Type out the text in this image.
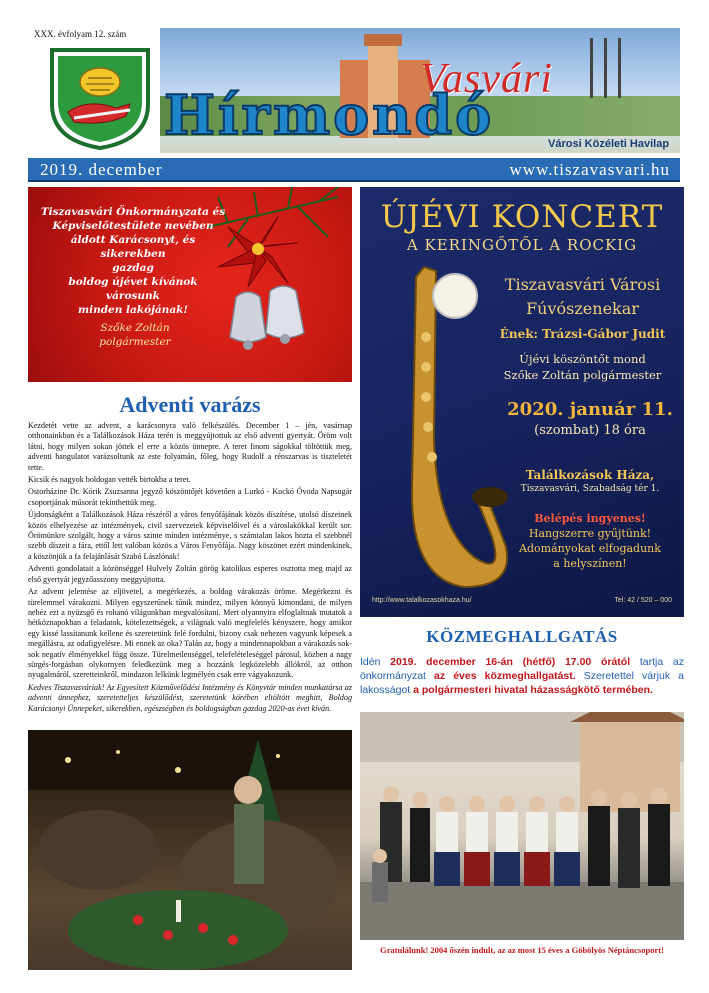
XXX. évfolyam 12. szám
Vasvári
Hírmondó	Városi Közéleti Havilap
2019. december	www.tiszavasvari.hu
Tiszavasvári Önkormányzata és
Képviselőtestülete nevében
áldott Karácsonyt, és
sikerekben
gazdag
boldog újévet kívánok
városunk
minden lakójának!
Szőke Zoltán
polgármester
Adventi varázs

Kezdetét vette az advent, a karácsonyra való felkészülés. December 1 – jén, vasárnap otthonainkban és a Találkozások Háza terén is meggyújtottuk az első adventi gyertyát. Öröm volt látni, hogy milyen sokan jöttek el erre a közös ünnepre. A teret finom ságokkal töltöttük meg, adventi hangulatot varázsoltunk az este folyamán, főleg, hogy Rudolf a rénszarvas is tiszteletét tette.

Kicsik és nagyok boldogan vették birtokba a teret.

Ostorházine Dr. Kórik Zsuzsanna jegyző köszöntőjét követően a Lurkó - Kuckó Óvoda Napsugár csoportjának műsorát tekinthettük meg.

Újdonságként a Találkozások Háza részéről a város fenyőfájának közös díszítése, utolsó díszeinek közös elhelyezése az intézmények, civil szervezetek képviselőivel és a városlakókkal került sor. Örömünkre szolgált, hogy a város szinte minden intézménye, s számtalan lakos hozta el szebbnél szebb díszeit a fára, ettől lett valóban közös a Város Fenyőfája. Nagy köszönet ezért mindenkinek, a köszönjük a fa felajánlását Szabó Lászlónak!

Adventi gondolatait a közönséggel Hulvely Zoltán görög katolikus esperes osztotta meg majd az első gyertyát jegyzőasszony meggyújtotta.

Az advent jelentése az eljövetel, a megérkezés, a boldog várakozás öröme. Megérkezni és türelemmel várakozni. Milyen egyszerűnek tűnik mindez, milyen könnyű kimondani, de milyen nehéz ezt a nyüzsgő és rohanó világunkban megvalósítani. Mert olyannyira elfoglaltnak mutatok a hétköznapokban a feladatok, kötelezettségek, a világnak való megfelelés kényszere, hogy amikor egy kissé lassítanunk kellene és szeretetünk felé fordulni, bizony csak nehezen vagyunk képesek a megállásra, az odafigyelésre. Mi ennek az oka? Talán az, hogy a mindennapokban a várakozás sok-sok negatív élményekkel függ össze. Türelmetlenséggel, telefelételeséggel párosul, közben a nagy sürgés-forgásban olykornyen feledkezünk meg a hozzánk legközelebb állókról, az otthon nyugalmáról, szeretteinkről, mindazon lelkünk legmélyén csak erre vágyakozunk.

Kedves Tiszavasváriak! Az Egyesített Közművelődési Intézmény és Könyvtár minden munkatársa az adventi ünnephez, szeretetteljes készülődést, szeretetünk körében eltöltött meghitt, Boldog Karácsonyi Ünnepeket, sikerekben, egészségben és boldogságban gazdag 2020-as évet kíván.

ÚJÉVI KONCERT
A KERINGŐTŐL A ROCKIG
Tiszavasvári Városi
Fúvószenekar
Ének: Trázsi-Gábor Judit
Újévi köszöntőt mond
Szőke Zoltán polgármester
2020. január 11.
(szombat) 18 óra
Találkozások Háza,
Tiszavasvári, Szabadság tér 1.
Belépés ingyenes!
Hangszerre gyűjtünk!
Adományokat elfogadunk
a helyszínen!
http://www.talalkozasokhaza.hu/	Tel: 42 / 520 – 000
KÖZMEGHALLGATÁS
Idén 2019. december 16-án (hétfő) 17.00 órától tartja az önkormányzat az éves közmeghallgatást. Szeretettel várjuk a lakosságot a polgármesteri hivatal házasságkötő termében.
Gratulálunk! 2004 őszén indult, az az most 15 éves a Göbölyös Néptáncsoport!
